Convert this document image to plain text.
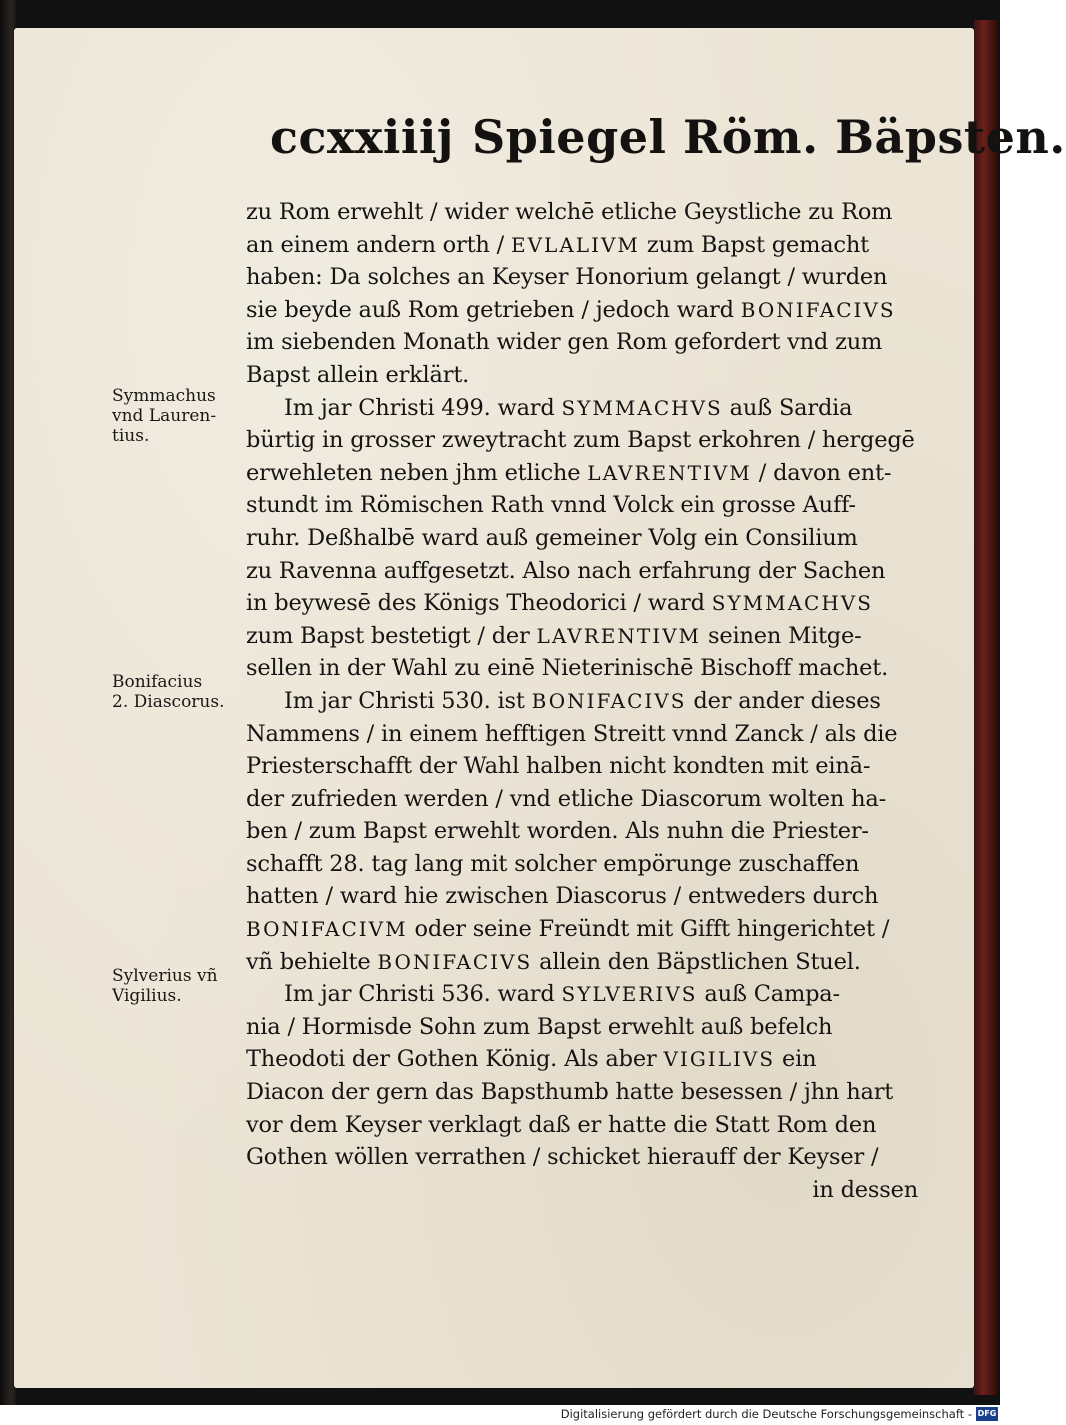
ccxxiiij Spiegel Röm. Bäpsten.
Symmachus
vnd Lauren-
tius.
Bonifacius
2. Diascorus.
Sylverius vñ
Vigilius.
zu Rom erwehlt / wider welchē etliche Geystliche zu Rom
an einem andern orth / EVLALIVM zum Bapst gemacht
haben: Da solches an Keyser Honorium gelangt / wurden
sie beyde auß Rom getrieben / jedoch ward BONIFACIVS
im siebenden Monath wider gen Rom gefordert vnd zum
Bapst allein erklärt.
Im jar Christi 499. ward SYMMACHVS auß Sardia
bürtig in grosser zweytracht zum Bapst erkohren / hergegē
erwehleten neben jhm etliche LAVRENTIVM / davon ent-
stundt im Römischen Rath vnnd Volck ein grosse Auff-
ruhr. Deßhalbē ward auß gemeiner Volg ein Consilium
zu Ravenna auffgesetzt. Also nach erfahrung der Sachen
in beywesē des Königs Theodorici / ward SYMMACHVS
zum Bapst bestetigt / der LAVRENTIVM seinen Mitge-
sellen in der Wahl zu einē Nieterinischē Bischoff machet.
Im jar Christi 530. ist BONIFACIVS der ander dieses
Nammens / in einem hefftigen Streitt vnnd Zanck / als die
Priesterschafft der Wahl halben nicht kondten mit einā-
der zufrieden werden / vnd etliche Diascorum wolten ha-
ben / zum Bapst erwehlt worden. Als nuhn die Priester-
schafft 28. tag lang mit solcher empörunge zuschaffen
hatten / ward hie zwischen Diascorus / entweders durch
BONIFACIVM oder seine Freündt mit Gifft hingerichtet /
vñ behielte BONIFACIVS allein den Bäpstlichen Stuel.
Im jar Christi 536. ward SYLVERIVS auß Campa-
nia / Hormisde Sohn zum Bapst erwehlt auß befelch
Theodoti der Gothen König. Als aber VIGILIVS ein
Diacon der gern das Bapsthumb hatte besessen / jhn hart
vor dem Keyser verklagt daß er hatte die Statt Rom den
Gothen wöllen verrathen / schicket hierauff der Keyser /
in dessen
Digitalisierung gefördert durch die Deutsche Forschungsgemeinschaft - DFG
